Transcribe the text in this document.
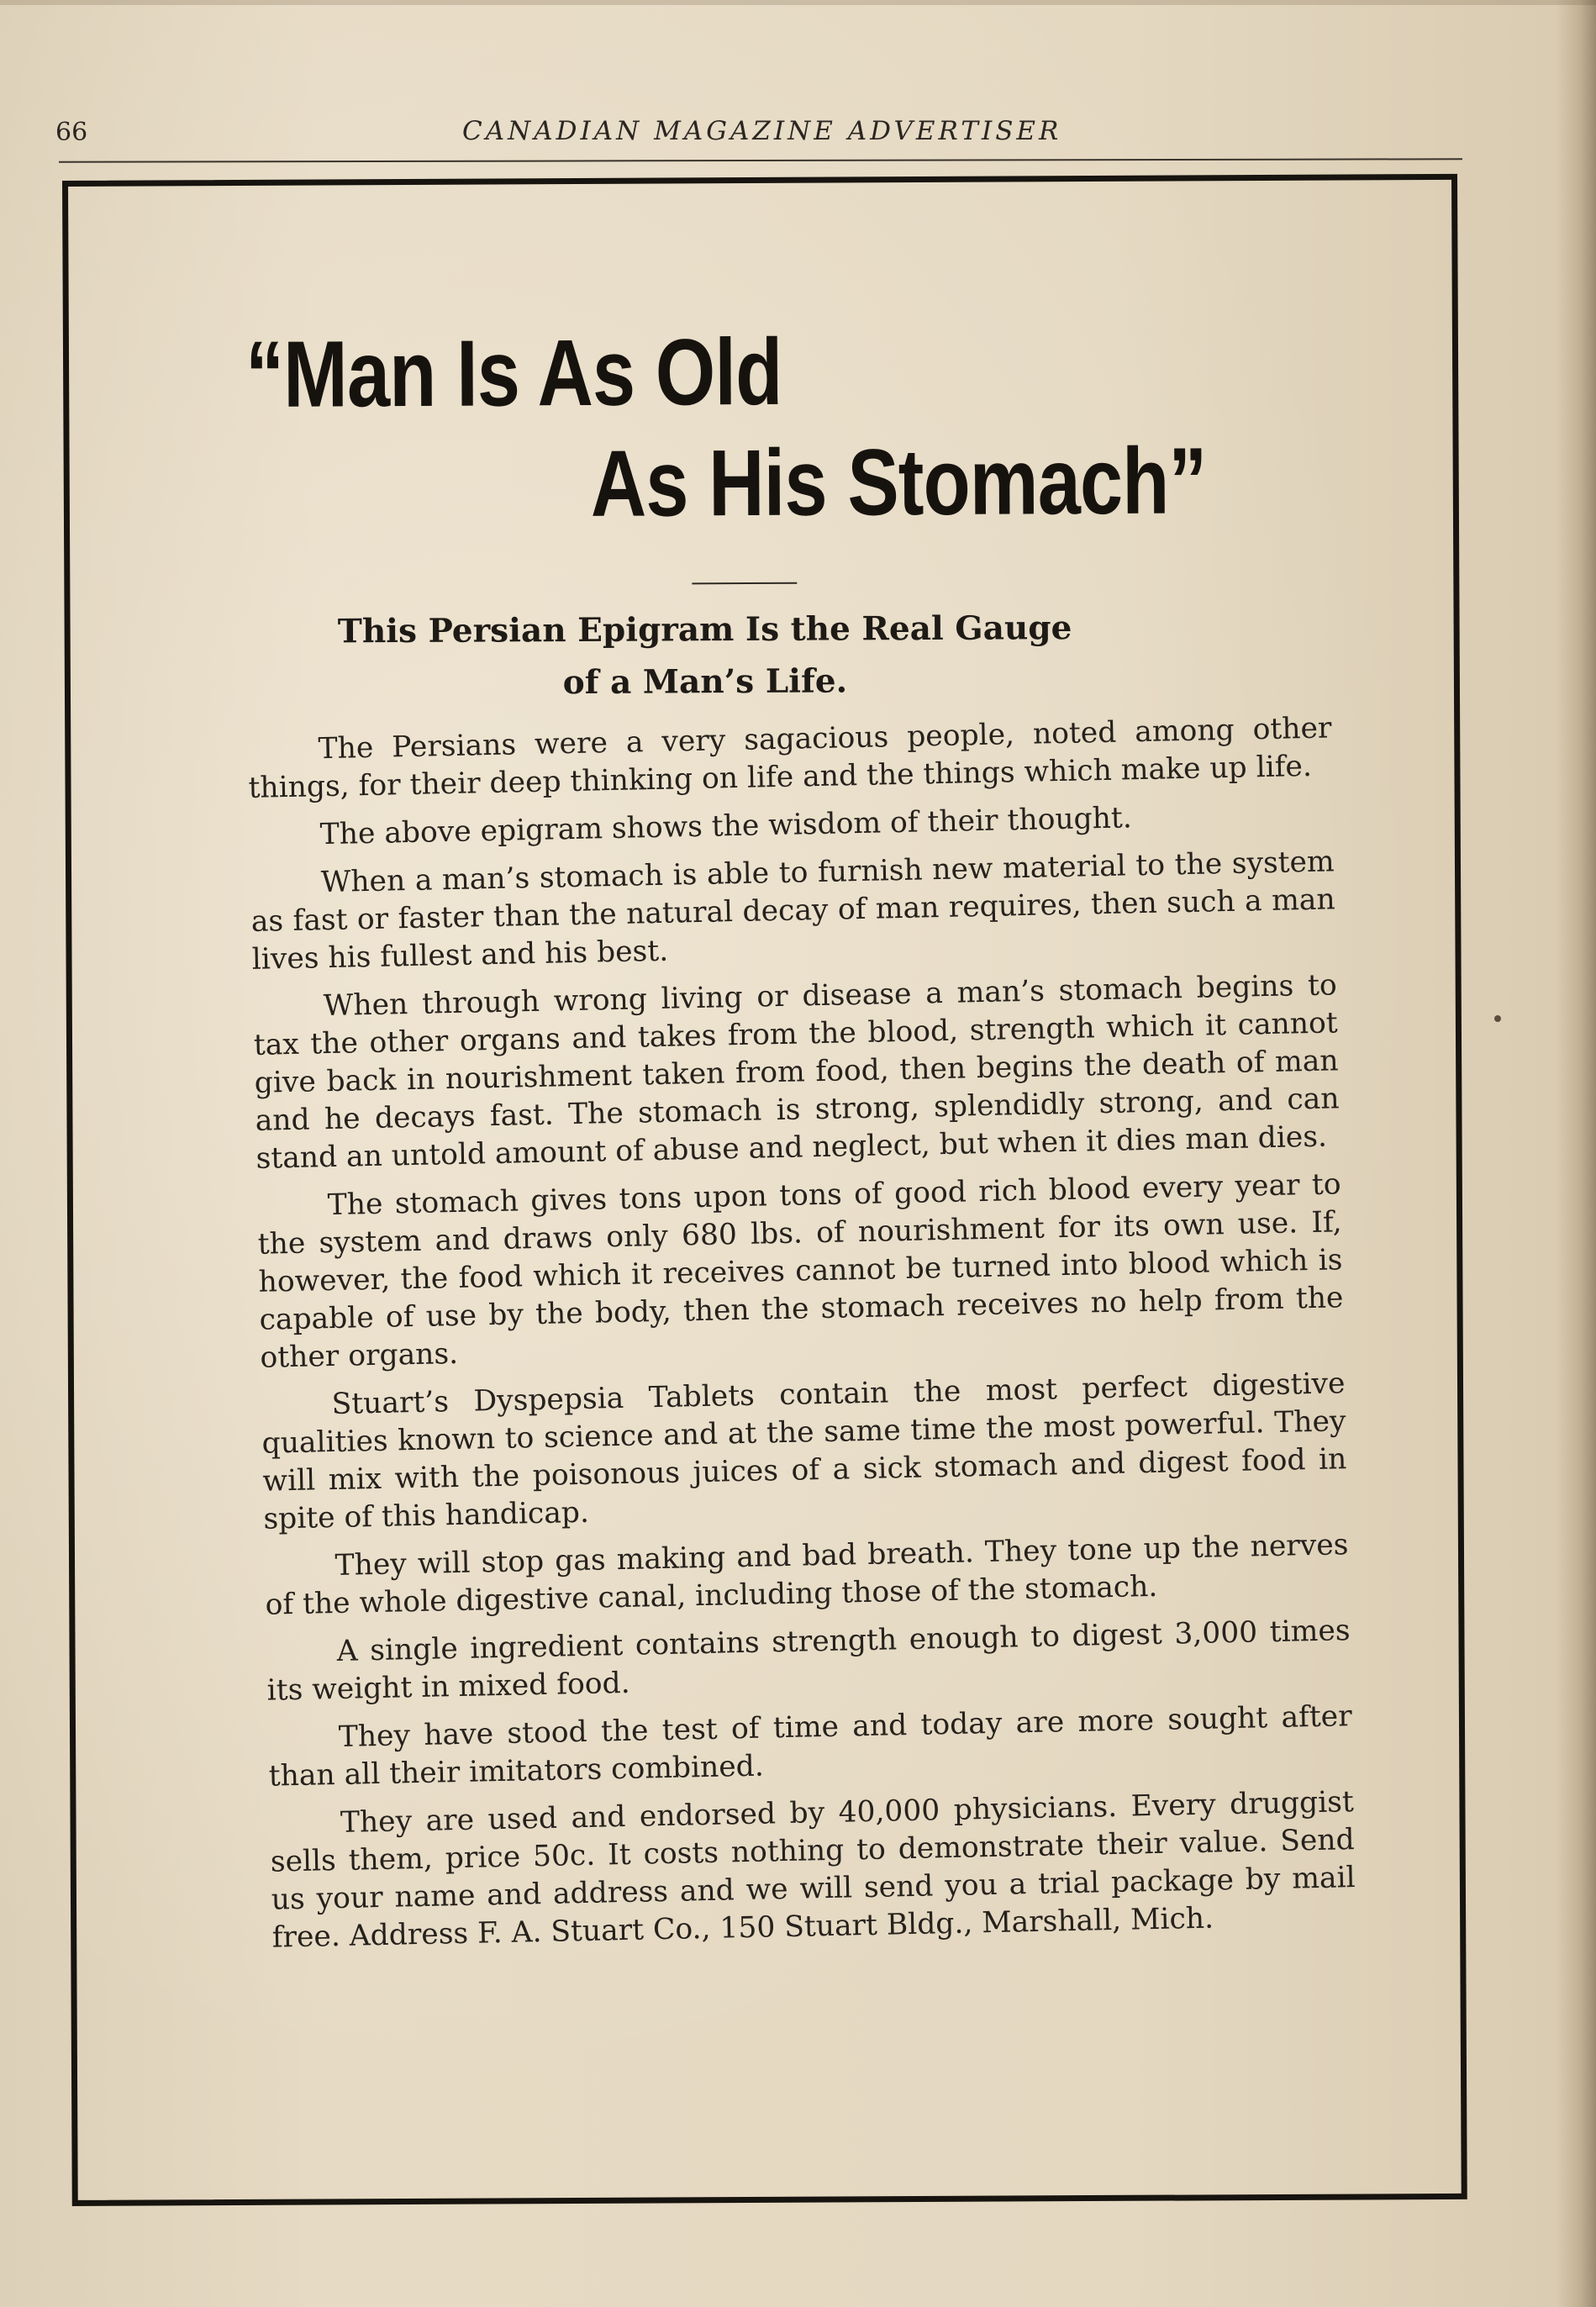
66	CANADIAN MAGAZINE ADVERTISER
“Man Is As Old
As His Stomach”
This Persian Epigram Is the Real Gauge
of a Man’s Life.

The Persians were a very sagacious people, noted among other things, for their deep thinking on life and the things which make up life.

The above epigram shows the wisdom of their thought.

When a man’s stomach is able to furnish new material to the system as fast or faster than the natural decay of man requires, then such a man lives his fullest and his best.

When through wrong living or disease a man’s stomach begins to tax the other organs and takes from the blood, strength which it cannot give back in nourishment taken from food, then begins the death of man and he decays fast. The stomach is strong, splendidly strong, and can stand an untold amount of abuse and neglect, but when it dies man dies.

The stomach gives tons upon tons of good rich blood every year to the system and draws only 680 lbs. of nourishment for its own use. If, however, the food which it receives cannot be turned into blood which is capable of use by the body, then the stomach receives no help from the other organs.

Stuart’s Dyspepsia Tablets contain the most perfect digestive qualities known to science and at the same time the most powerful. They will mix with the poisonous juices of a sick stomach and digest food in spite of this handicap.

They will stop gas making and bad breath. They tone up the nerves of the whole digestive canal, including those of the stomach.

A single ingredient contains strength enough to digest 3,000 times its weight in mixed food.

They have stood the test of time and today are more sought after than all their imitators combined.

They are used and endorsed by 40,000 physicians. Every druggist sells them, price 50c. It costs nothing to demonstrate their value. Send us your name and address and we will send you a trial package by mail free. Address F. A. Stuart Co., 150 Stuart Bldg., Marshall, Mich.
